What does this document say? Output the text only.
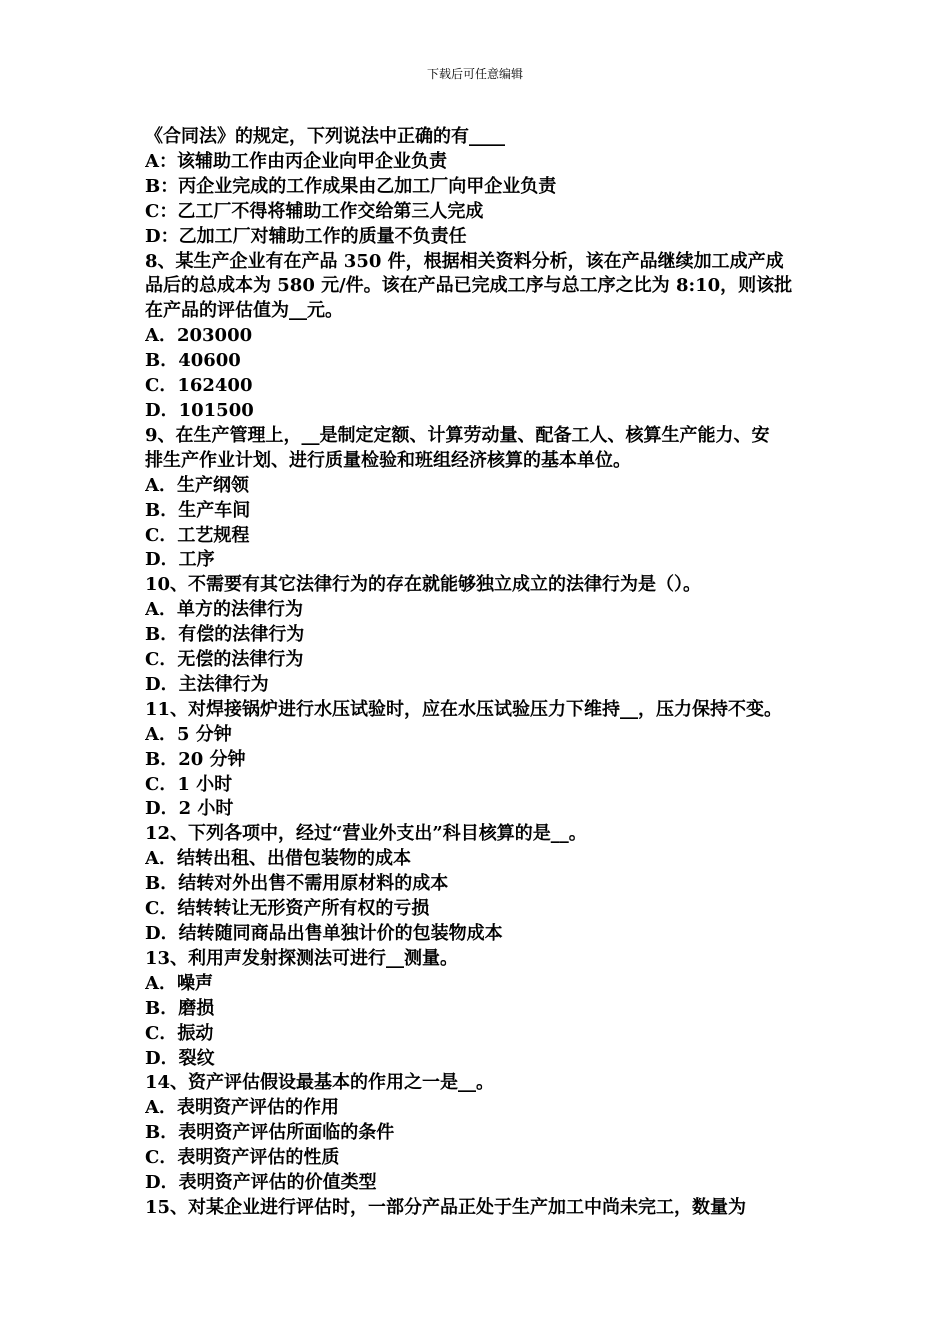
下载后可任意编辑
《合同法》的规定，下列说法中正确的有____
A：该辅助工作由丙企业向甲企业负责
B：丙企业完成的工作成果由乙加工厂向甲企业负责
C：乙工厂不得将辅助工作交给第三人完成
D：乙加工厂对辅助工作的质量不负责任
8、某生产企业有在产品 350 件，根据相关资料分析，该在产品继续加工成产成
品后的总成本为 580 元/件。该在产品已完成工序与总工序之比为 8:10，则该批
在产品的评估值为__元。
A．203000
B．40600
C．162400
D．101500
9、在生产管理上，__是制定定额、计算劳动量、配备工人、核算生产能力、安
排生产作业计划、进行质量检验和班组经济核算的基本单位。
A．生产纲领
B．生产车间
C．工艺规程
D．工序
10、不需要有其它法律行为的存在就能够独立成立的法律行为是（）。
A．单方的法律行为
B．有偿的法律行为
C．无偿的法律行为
D．主法律行为
11、对焊接锅炉进行水压试验时，应在水压试验压力下维持__，压力保持不变。
A．5 分钟
B．20 分钟
C．1 小时
D．2 小时
12、下列各项中，经过“营业外支出”科目核算的是__。
A．结转出租、出借包装物的成本
B．结转对外出售不需用原材料的成本
C．结转转让无形资产所有权的亏损
D．结转随同商品出售单独计价的包装物成本
13、利用声发射探测法可进行__测量。
A．噪声
B．磨损
C．振动
D．裂纹
14、资产评估假设最基本的作用之一是__。
A．表明资产评估的作用
B．表明资产评估所面临的条件
C．表明资产评估的性质
D．表明资产评估的价值类型
15、对某企业进行评估时，一部分产品正处于生产加工中尚未完工，数量为
